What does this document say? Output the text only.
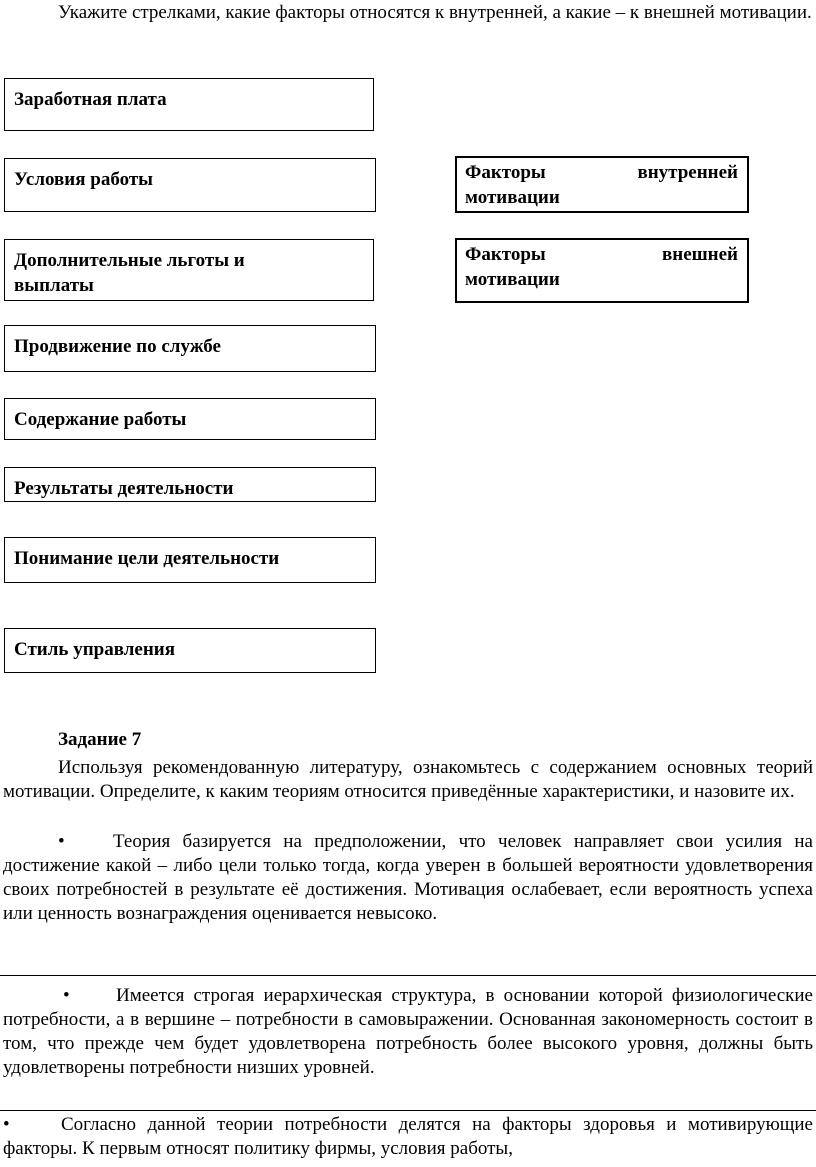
Укажите стрелками, какие факторы относятся к внутренней, а какие – к внешней мотивации.

Заработная плата
Условия работы
Дополнительные льготы и выплаты
Продвижение по службе
Содержание работы
Результаты деятельности
Понимание цели деятельности
Стиль управления
Факторы	внутренней
мотивации
Факторы	внешней
мотивации

Задание 7

Используя рекомендованную литературу, ознакомьтесь с содержанием основных теорий мотивации. Определите, к каким теориям относится приведённые характеристики, и назовите их.

•	Теория базируется на предположении, что человек направляет свои усилия на достижение какой – либо цели только тогда, когда уверен в большей вероятности удовлетворения своих потребностей в результате её достижения. Мотивация ослабевает, если вероятность успеха или ценность вознаграждения оценивается невысоко.

• Имеется строгая иерархическая структура, в основании которой физиологические потребности, а в вершине – потребности в самовыражении. Основанная закономерность состоит в том, что прежде чем будет удовлетворена потребность более высокого уровня, должны быть удовлетворены потребности низших уровней.

•	Согласно данной теории потребности делятся на факторы здоровья и мотивирующие факторы. К первым относят политику фирмы, условия работы,
